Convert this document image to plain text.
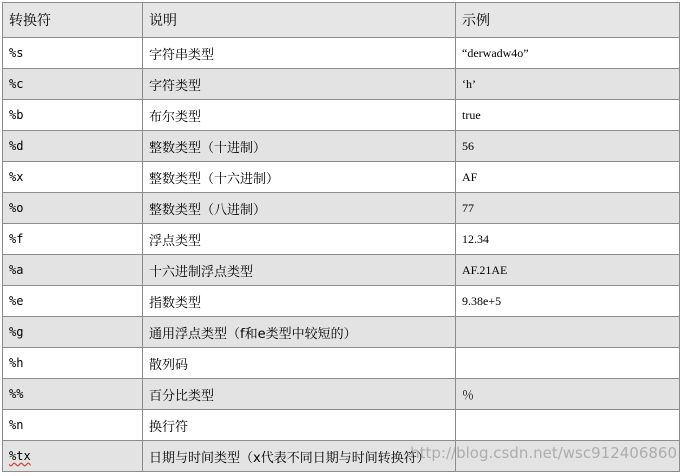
转换符	说明	示例
%s	字符串类型	“derwadw4o”
%c	字符类型	‘h’
%b	布尔类型	true
%d	整数类型（十进制）	56
%x	整数类型（十六进制）	AF
%o	整数类型（八进制）	77
%f	浮点类型	12.34
%a	十六进制浮点类型	AF.21AE
%e	指数类型	9.38e+5
%g	通用浮点类型（f和e类型中较短的）	
%h	散列码	
%%	百分比类型	％
%n	换行符	
%tx	日期与时间类型（x代表不同日期与时间转换符）	
http://blog.csdn.net/wsc912406860
